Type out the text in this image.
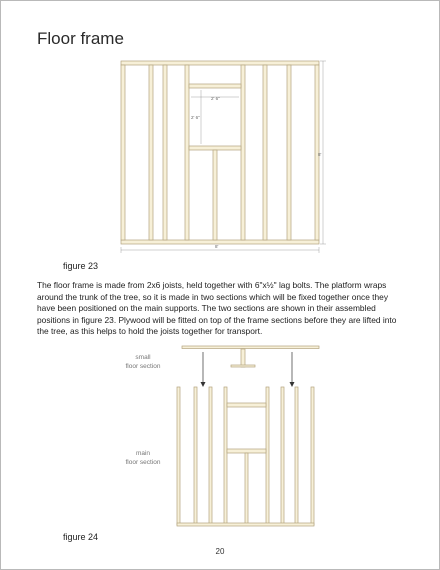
Floor frame
2' 6"
2' 6"
8'
8'
figure 23

The floor frame is made from 2x6 joists, held together with 6"x½" lag bolts. The platform wraps around the trunk of the tree, so it is made in two sections which will be fixed together once they have been positioned on the main supports. The two sections are shown in their assembled positions in figure 23. Plywood will be fitted on top of the frame sections before they are lifted into the tree, as this helps to hold the joists together for transport.

small
floor section
main
floor section
figure 24
20
